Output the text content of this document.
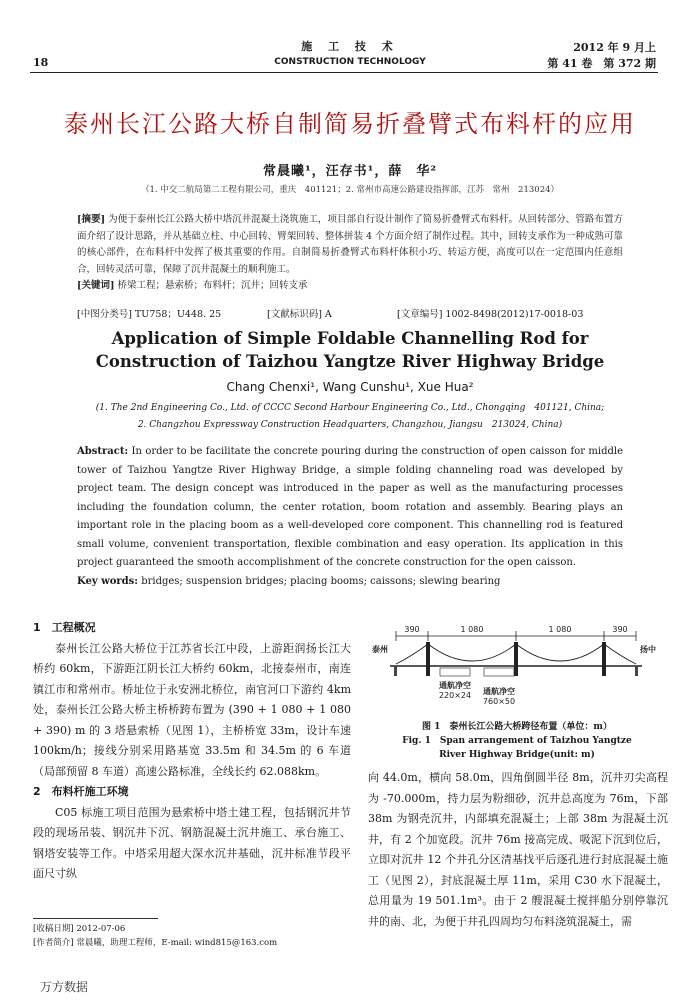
18
施 工 技 术
CONSTRUCTION TECHNOLOGY
2012 年 9 月上
第 41 卷　第 372 期
泰州长江公路大桥自制简易折叠臂式布料杆的应用
常晨曦¹，汪存书¹，薛　华²
（1. 中交二航局第二工程有限公司，重庆　401121；2. 常州市高速公路建设指挥部，江苏　常州　213024）
[摘要] 为便于泰州长江公路大桥中塔沉井混凝土浇筑施工，项目部自行设计制作了简易折叠臂式布料杆。从回转部分、管路布置方面介绍了设计思路，并从基础立柱、中心回转、臂架回转、整体拼装 4 个方面介绍了制作过程。其中，回转支承作为一种成熟可靠的核心部件，在布料杆中发挥了极其重要的作用。自制简易折叠臂式布料杆体积小巧、转运方便，高度可以在一定范围内任意组合，回转灵活可靠，保障了沉井混凝土的顺利施工。
[关键词] 桥梁工程；悬索桥；布料杆；沉井；回转支承
[中图分类号] TU758；U448. 25	[文献标识码] A	[文章编号] 1002-8498(2012)17-0018-03
Application of Simple Foldable Channelling Rod for Construction of Taizhou Yangtze River Highway Bridge
Chang Chenxi¹, Wang Cunshu¹, Xue Hua²
(1. The 2nd Engineering Co., Ltd. of CCCC Second Harbour Engineering Co., Ltd., Chongqing　401121, China;
2. Changzhou Expressway Construction Headquarters, Changzhou, Jiangsu　213024, China)
Abstract: In order to be facilitate the concrete pouring during the construction of open caisson for middle tower of Taizhou Yangtze River Highway Bridge, a simple folding channeling road was developed by project team. The design concept was introduced in the paper as well as the manufacturing processes including the foundation column, the center rotation, boom rotation and assembly. Bearing plays an important role in the placing boom as a well-developed core component. This channelling rod is featured small volume, convenient transportation, flexible combination and easy operation. Its application in this project guaranteed the smooth accomplishment of the concrete construction for the open caisson.
Key words: bridges; suspension bridges; placing booms; caissons; slewing bearing
1　工程概况

泰州长江公路大桥位于江苏省长江中段，上游距润扬长江大桥约 60km，下游距江阴长江大桥约 60km，北接泰州市，南连镇江市和常州市。桥址位于永安洲北桥位，南官河口下游约 4km 处，泰州长江公路大桥主桥桥跨布置为 (390 + 1 080 + 1 080 + 390) m 的 3 塔悬索桥（见图 1），主桥桥宽 33m，设计车速 100km/h；接线分别采用路基宽 33.5m 和 34.5m 的 6 车道（局部预留 8 车道）高速公路标准，全线长约 62.088km。

2　布料杆施工环境

C05 标施工项目范围为悬索桥中塔土建工程，包括钢沉井节段的现场吊装、钢沉井下沉、钢筋混凝土沉井施工、承台施工、钢塔安装等工作。中塔采用超大深水沉井基础，沉井标准节段平面尺寸纵

390	1 080	1 080	390
泰州	扬中
通航净空
220×24 通航净空
760×50
图 1　泰州长江公路大桥跨径布置（单位：m）
Fig. 1　Span arrangement of Taizhou Yangtze
River Highway Bridge(unit: m)
向 44.0m，横向 58.0m，四角倒圆半径 8m，沉井刃尖高程为 -70.000m，持力层为粉细砂，沉井总高度为 76m，下部 38m 为钢壳沉井，内部填充混凝土；上部 38m 为混凝土沉井，有 2 个加宽段。沉井 76m 接高完成、吸泥下沉到位后，立即对沉井 12 个井孔分区清基找平后逐孔进行封底混凝土施工（见图 2），封底混凝土厚 11m，采用 C30 水下混凝土，总用量为 19 501.1m³。由于 2 艘混凝土搅拌船分别停靠沉井的南、北，为便于井孔四周均匀布料浇筑混凝土，需
[收稿日期] 2012-07-06
[作者简介] 常晨曦，助理工程师，E-mail: wind815@163.com
万方数据
